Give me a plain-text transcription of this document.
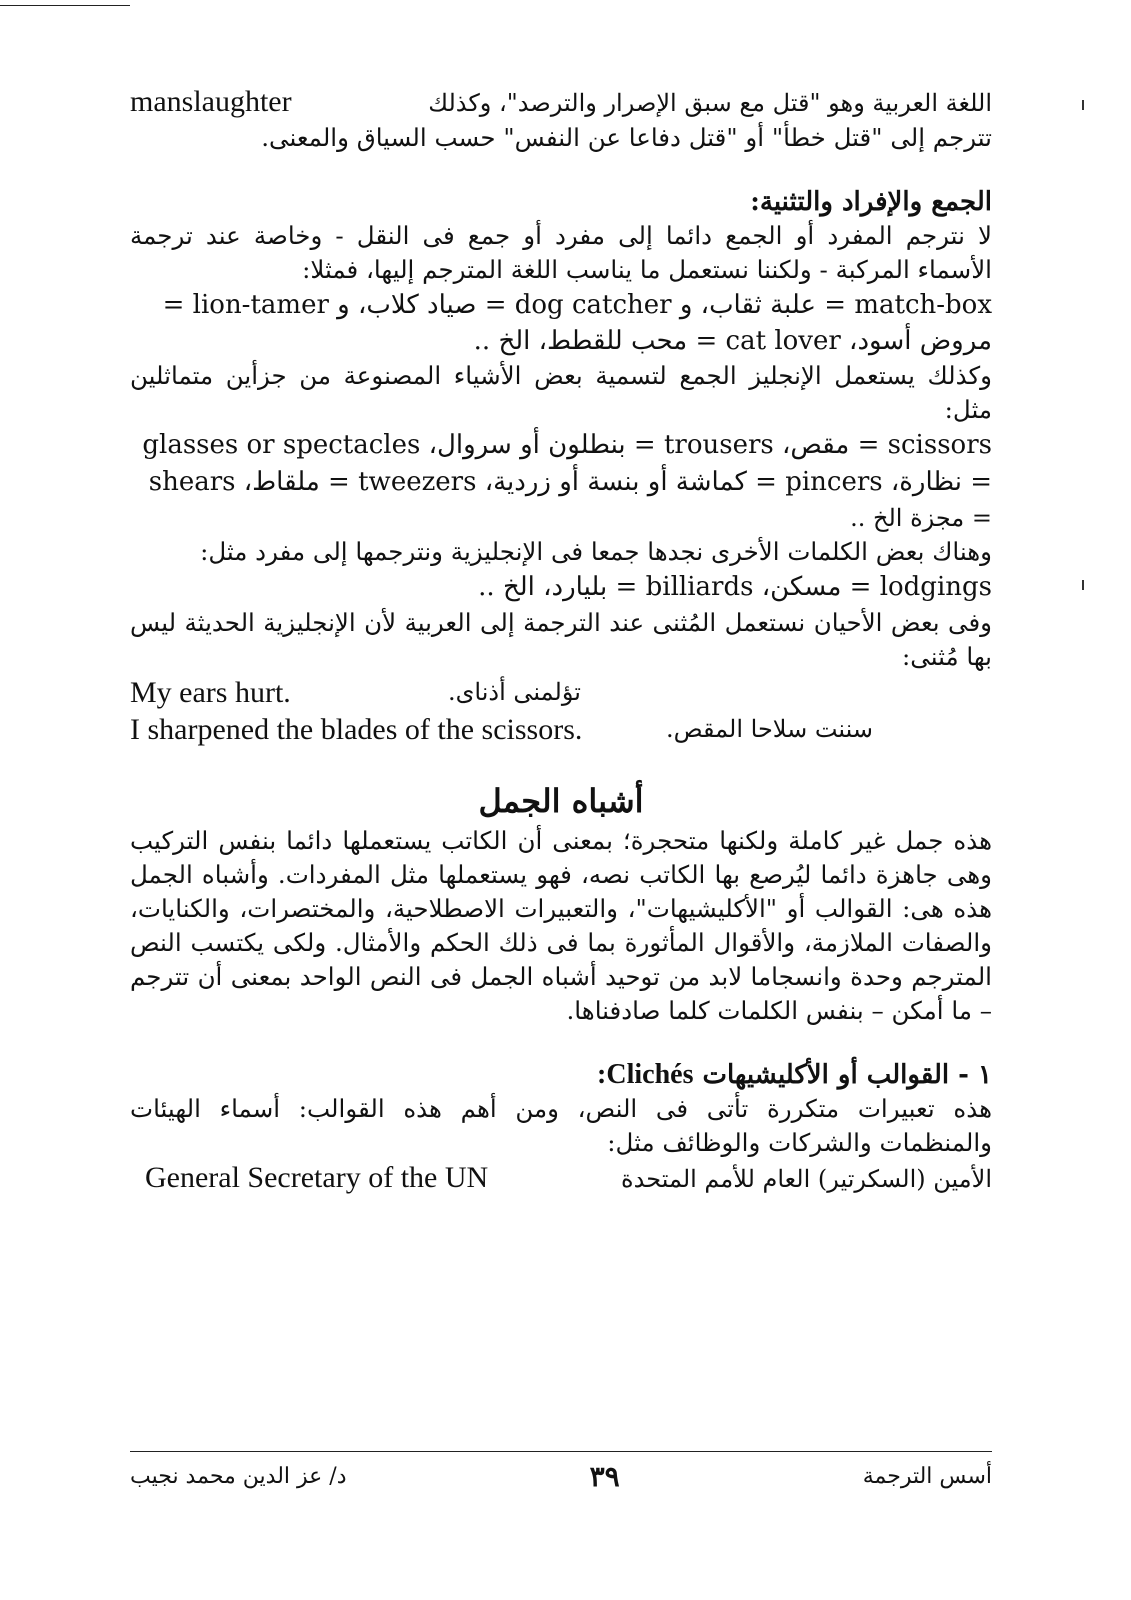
manslaughter	اللغة العربية وهو "قتل مع سبق الإصرار والترصد"، وكذلك
تترجم إلى "قتل خطأ" أو "قتل دفاعا عن النفس" حسب السياق والمعنى.
الجمع والإفراد والتثنية:
لا نترجم المفرد أو الجمع دائما إلى مفرد أو جمع فى النقل - وخاصة عند ترجمة الأسماء المركبة - ولكننا نستعمل ما يناسب اللغة المترجم إليها، فمثلا:
match-box = علبة ثقاب، و dog catcher = صياد كلاب، و lion-tamer =
مروض أسود، cat lover = محب للقطط، الخ ..
وكذلك يستعمل الإنجليز الجمع لتسمية بعض الأشياء المصنوعة من جزأين متماثلين مثل:
scissors = مقص، trousers = بنطلون أو سروال، glasses or spectacles
= نظارة، pincers = كماشة أو بنسة أو زردية، tweezers = ملقاط، shears
= مجزة الخ ..
وهناك بعض الكلمات الأخرى نجدها جمعا فى الإنجليزية ونترجمها إلى مفرد مثل:
lodgings = مسكن، billiards = بليارد، الخ ..
وفى بعض الأحيان نستعمل المُثنى عند الترجمة إلى العربية لأن الإنجليزية الحديثة ليس بها مُثنى:
My ears hurt.	تؤلمنى أذناى.
I sharpened the blades of the scissors.	سننت سلاحا المقص.
أشباه الجمل
هذه جمل غير كاملة ولكنها متحجرة؛ بمعنى أن الكاتب يستعملها دائما بنفس التركيب وهى جاهزة دائما ليُرصع بها الكاتب نصه، فهو يستعملها مثل المفردات. وأشباه الجمل هذه هى: القوالب أو "الأكليشيهات"، والتعبيرات الاصطلاحية، والمختصرات، والكنايات، والصفات الملازمة، والأقوال المأثورة بما فى ذلك الحكم والأمثال. ولكى يكتسب النص المترجم وحدة وانسجاما لابد من توحيد أشباه الجمل فى النص الواحد بمعنى أن تترجم – ما أمكن – بنفس الكلمات كلما صادفناها.
١ - القوالب أو الأكليشيهات Clichés:
هذه تعبيرات متكررة تأتى فى النص، ومن أهم هذه القوالب: أسماء الهيئات والمنظمات والشركات والوظائف مثل:
General Secretary of the UN	الأمين (السكرتير) العام للأمم المتحدة
د/ عز الدين محمد نجيب	٣٩	أسس الترجمة
